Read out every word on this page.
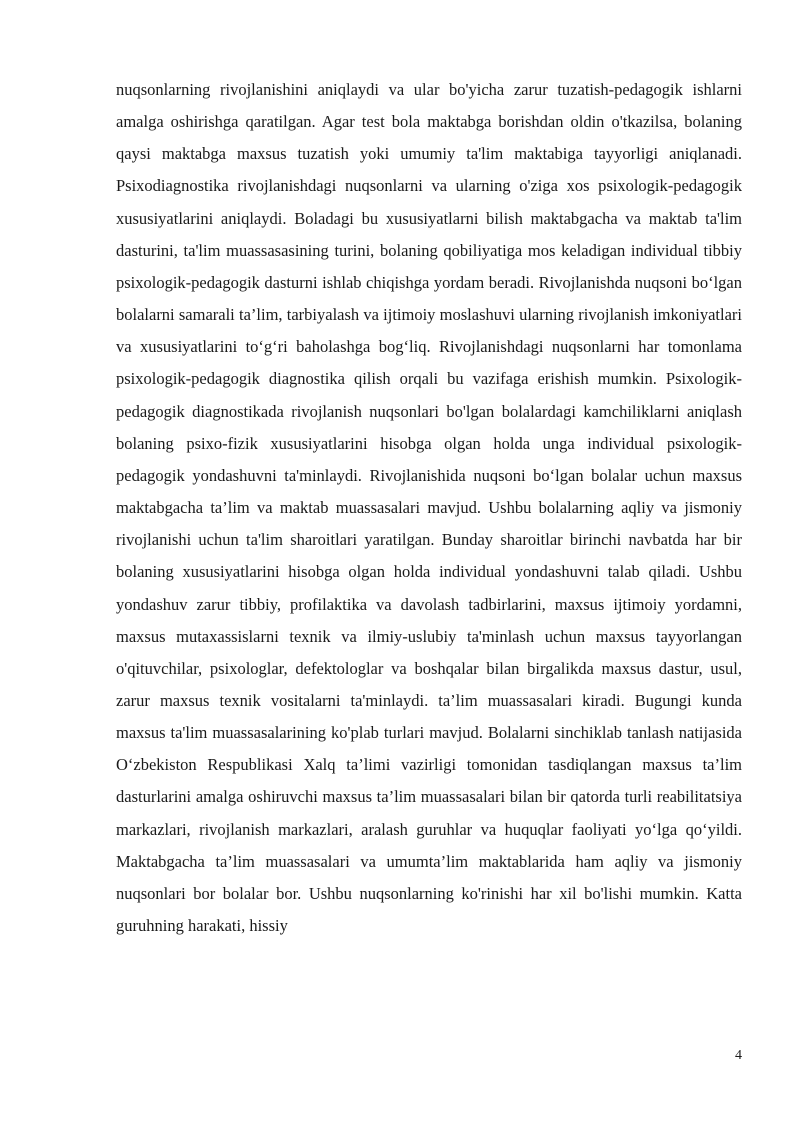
nuqsonlarning rivojlanishini aniqlaydi va ular bo'yicha zarur tuzatish-pedagogik ishlarni amalga oshirishga qaratilgan. Agar test bola maktabga borishdan oldin o'tkazilsa, bolaning qaysi maktabga maxsus tuzatish yoki umumiy ta'lim maktabiga tayyorligi aniqlanadi. Psixodiagnostika rivojlanishdagi nuqsonlarni va ularning o'ziga xos psixologik-pedagogik xususiyatlarini aniqlaydi. Boladagi bu xususiyatlarni bilish maktabgacha va maktab ta'lim dasturini, ta'lim muassasasining turini, bolaning qobiliyatiga mos keladigan individual tibbiy psixologik-pedagogik dasturni ishlab chiqishga yordam beradi. Rivojlanishda nuqsoni bo‘lgan bolalarni samarali ta’lim, tarbiyalash va ijtimoiy moslashuvi ularning rivojlanish imkoniyatlari va xususiyatlarini to‘g‘ri baholashga bog‘liq. Rivojlanishdagi nuqsonlarni har tomonlama psixologik-pedagogik diagnostika qilish orqali bu vazifaga erishish mumkin. Psixologik-pedagogik diagnostikada rivojlanish nuqsonlari bo'lgan bolalardagi kamchiliklarni aniqlash bolaning psixo-fizik xususiyatlarini hisobga olgan holda unga individual psixologik-pedagogik yondashuvni ta'minlaydi. Rivojlanishida nuqsoni bo‘lgan bolalar uchun maxsus maktabgacha ta’lim va maktab muassasalari mavjud. Ushbu bolalarning aqliy va jismoniy rivojlanishi uchun ta'lim sharoitlari yaratilgan. Bunday sharoitlar birinchi navbatda har bir bolaning xususiyatlarini hisobga olgan holda individual yondashuvni talab qiladi. Ushbu yondashuv zarur tibbiy, profilaktika va davolash tadbirlarini, maxsus ijtimoiy yordamni, maxsus mutaxassislarni texnik va ilmiy-uslubiy ta'minlash uchun maxsus tayyorlangan o'qituvchilar, psixologlar, defektologlar va boshqalar bilan birgalikda maxsus dastur, usul, zarur maxsus texnik vositalarni ta'minlaydi. ta’lim muassasalari kiradi. Bugungi kunda maxsus ta'lim muassasalarining ko'plab turlari mavjud. Bolalarni sinchiklab tanlash natijasida O‘zbekiston Respublikasi Xalq ta’limi vazirligi tomonidan tasdiqlangan maxsus ta’lim dasturlarini amalga oshiruvchi maxsus ta’lim muassasalari bilan bir qatorda turli reabilitatsiya markazlari, rivojlanish markazlari, aralash guruhlar va huquqlar faoliyati yo‘lga qo‘yildi. Maktabgacha ta’lim muassasalari va umumta’lim maktablarida ham aqliy va jismoniy nuqsonlari bor bolalar bor. Ushbu nuqsonlarning ko'rinishi har xil bo'lishi mumkin. Katta guruhning harakati, hissiy

4
